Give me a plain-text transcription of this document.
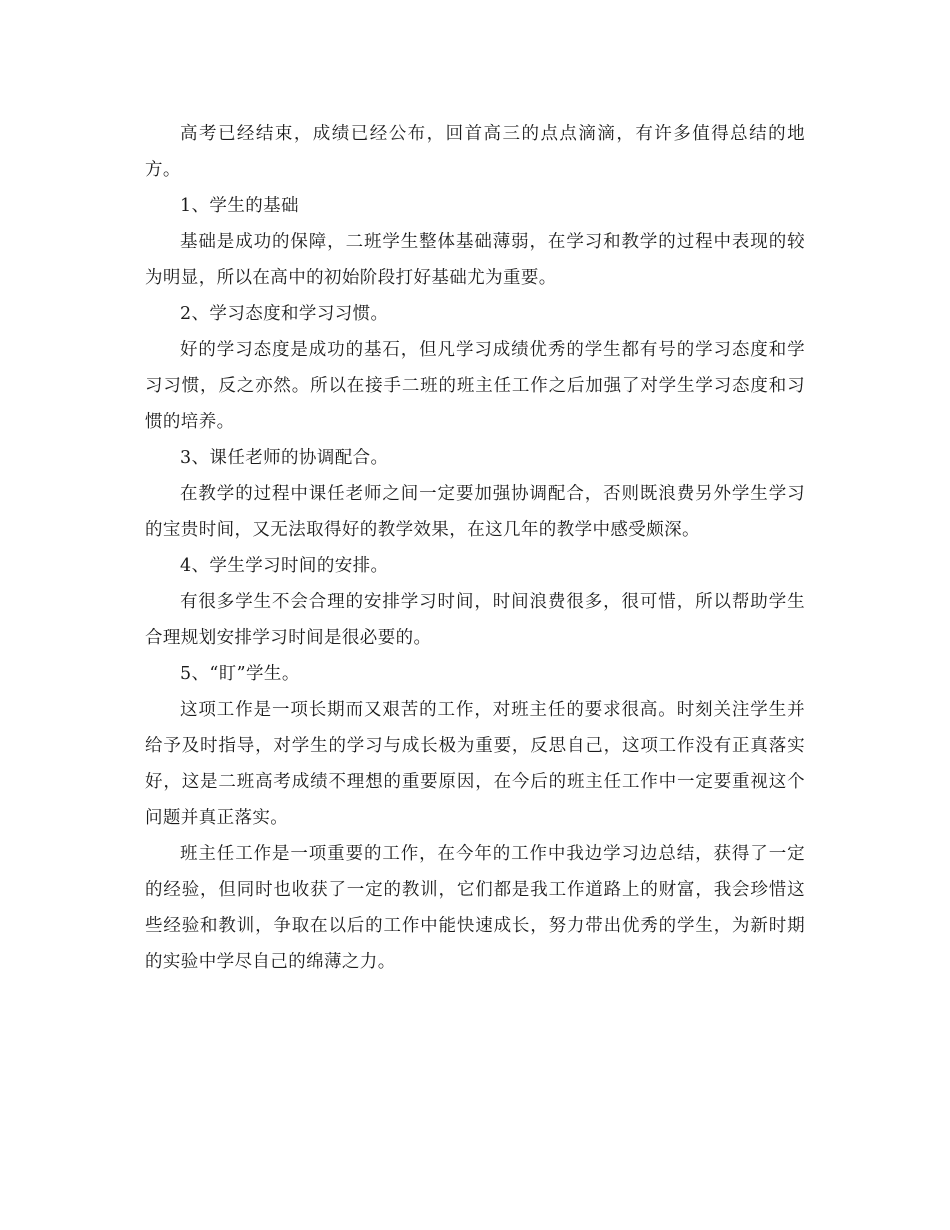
高考已经结束，成绩已经公布，回首高三的点点滴滴，有许多值得总结的地方。

1、学生的基础

基础是成功的保障，二班学生整体基础薄弱，在学习和教学的过程中表现的较为明显，所以在高中的初始阶段打好基础尤为重要。

2、学习态度和学习习惯。

好的学习态度是成功的基石，但凡学习成绩优秀的学生都有号的学习态度和学习习惯，反之亦然。所以在接手二班的班主任工作之后加强了对学生学习态度和习惯的培养。

3、课任老师的协调配合。

在教学的过程中课任老师之间一定要加强协调配合，否则既浪费另外学生学习的宝贵时间，又无法取得好的教学效果，在这几年的教学中感受颇深。

4、学生学习时间的安排。

有很多学生不会合理的安排学习时间，时间浪费很多，很可惜，所以帮助学生合理规划安排学习时间是很必要的。

5、“盯”学生。

这项工作是一项长期而又艰苦的工作，对班主任的要求很高。时刻关注学生并给予及时指导，对学生的学习与成长极为重要，反思自己，这项工作没有正真落实好，这是二班高考成绩不理想的重要原因，在今后的班主任工作中一定要重视这个问题并真正落实。

班主任工作是一项重要的工作，在今年的工作中我边学习边总结，获得了一定的经验，但同时也收获了一定的教训，它们都是我工作道路上的财富，我会珍惜这些经验和教训，争取在以后的工作中能快速成长，努力带出优秀的学生，为新时期的实验中学尽自己的绵薄之力。
